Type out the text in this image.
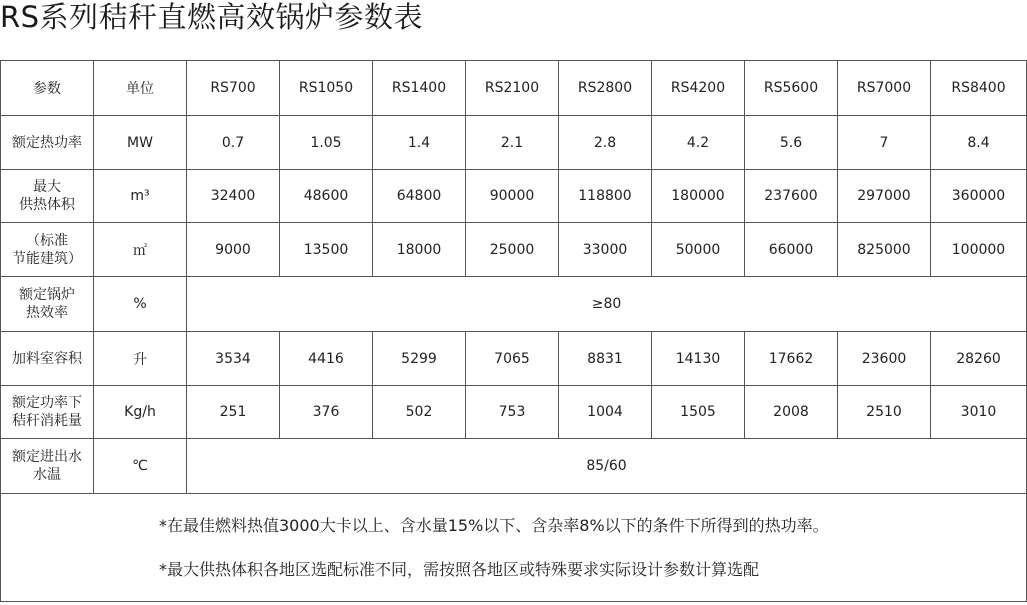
RS系列秸秆直燃高效锅炉参数表
参数	单位	RS700	RS1050	RS1400	RS2100	RS2800	RS4200	RS5600	RS7000	RS8400
额定热功率	MW	0.7	1.05	1.4	2.1	2.8	4.2	5.6	7	8.4

最大
供热体积	m³	32400	48600	64800	90000	118800	180000	237600	297000	360000

（标准
节能建筑）	㎡	9000	13500	18000	25000	33000	50000	66000	825000	100000

额定锅炉
热效率	%	≥80								
加料室容积	升	3534	4416	5299	7065	8831	14130	17662	23600	28260

额定功率下
秸秆消耗量	Kg/h	251	376	502	753	1004	1505	2008	2510	3010

额定进出水
水温	℃	85/60								

*在最佳燃料热值3000大卡以上、含水量15%以下、含杂率8%以下的条件下所得到的热功率。
*最大供热体积各地区选配标准不同，需按照各地区或特殊要求实际设计参数计算选配										
